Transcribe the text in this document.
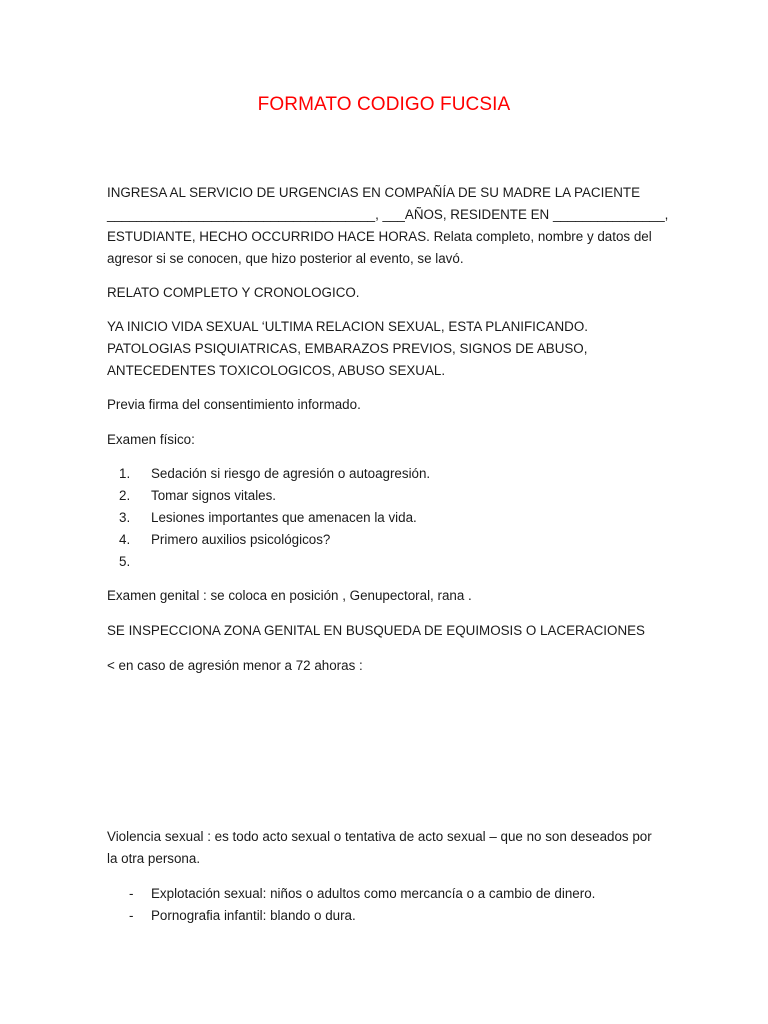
FORMATO CODIGO FUCSIA
INGRESA AL SERVICIO DE URGENCIAS EN COMPAÑÍA DE SU MADRE LA PACIENTE
____________________________________, ___AÑOS, RESIDENTE EN _______________,
ESTUDIANTE, HECHO OCCURRIDO HACE HORAS. Relata completo, nombre y datos del
agresor si se conocen, que hizo posterior al evento, se lavó.

RELATO COMPLETO Y CRONOLOGICO.

YA INICIO VIDA SEXUAL ‘ULTIMA RELACION SEXUAL, ESTA PLANIFICANDO. PATOLOGIAS PSIQUIATRICAS, EMBARAZOS PREVIOS, SIGNOS DE ABUSO, ANTECEDENTES TOXICOLOGICOS, ABUSO SEXUAL.

Previa firma del consentimiento informado.

Examen físico:

1.	Sedación si riesgo de agresión o autoagresión.
2.	Tomar signos vitales.
3.	Lesiones importantes que amenacen la vida.
4.	Primero auxilios psicológicos?
5.

Examen genital : se coloca en posición , Genupectoral, rana .

SE INSPECCIONA ZONA GENITAL EN BUSQUEDA DE EQUIMOSIS O LACERACIONES

< en caso de agresión menor a 72 ahoras :

Violencia sexual : es todo acto sexual o tentativa de acto sexual – que no son deseados por la otra persona.

-	Explotación sexual: niños o adultos como mercancía o a cambio de dinero.
-	Pornografia infantil: blando o dura.
